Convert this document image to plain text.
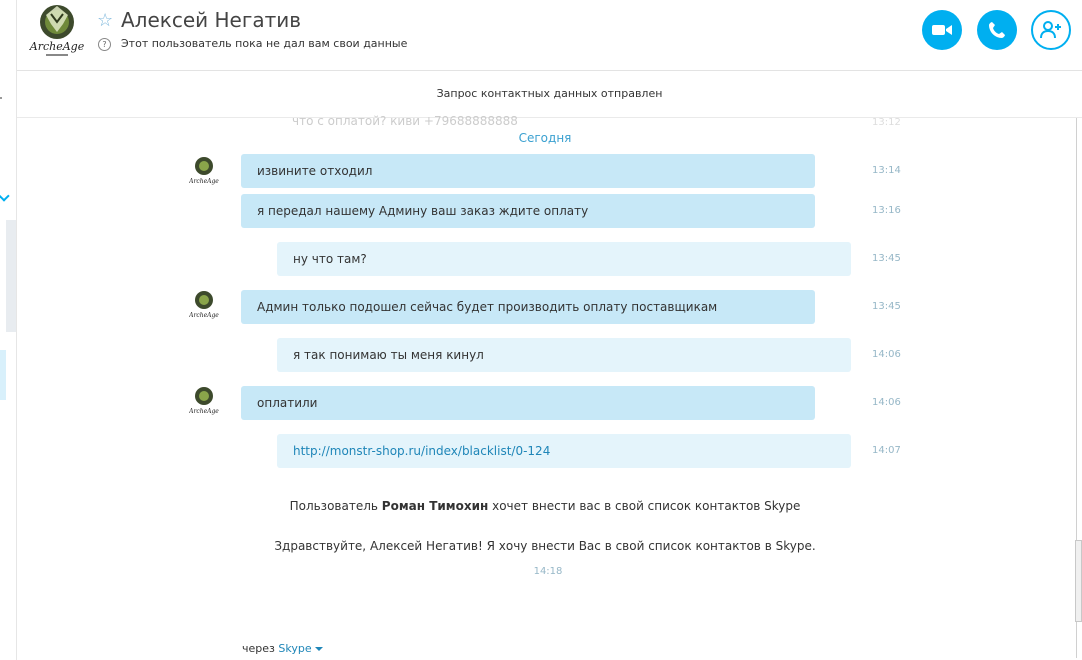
ArcheAge
☆ Алексей Негатив
?	Этот пользователь пока не дал вам свои данные
Запрос контактных данных отправлен
что с оплатой? киви +79688888888	13:12
Сегодня
ArcheAge
извините отходил	13:14
я передал нашему Админу ваш заказ ждите оплату	13:16
ну что там?	13:45
ArcheAge
Админ только подошел сейчас будет производить оплату поставщикам	13:45
я так понимаю ты меня кинул	14:06
ArcheAge
оплатили	14:06
http://monstr-shop.ru/index/blacklist/0-124	14:07
Пользователь Роман Тимохин хочет внести вас в свой список контактов Skype
Здравствуйте, Алексей Негатив! Я хочу внести Вас в свой список контактов в Skype.
14:18
через Skype
